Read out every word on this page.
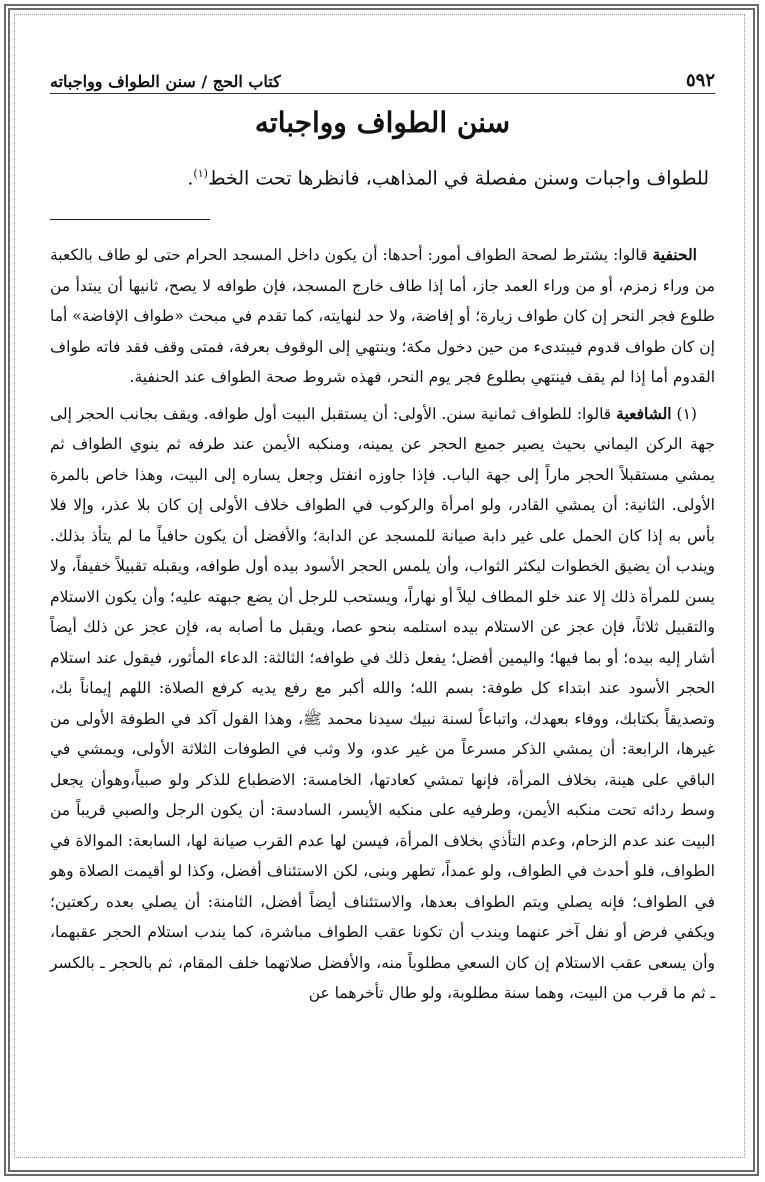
٥٩٢
كتاب الحج / سنن الطواف وواجباته
سنن الطواف وواجباته

للطواف واجبات وسنن مفصلة في المذاهب، فانظرها تحت الخط$^{(١)}$.

الحنفية قالوا: يشترط لصحة الطواف أمور: أحدها: أن يكون داخل المسجد الحرام حتى لو طاف بالكعبة من وراء زمزم، أو من وراء العمد جاز، أما إذا طاف خارج المسجد، فإن طوافه لا يصح، ثانيها أن يبتدأ من طلوع فجر النحر إن كان طواف زيارة؛ أو إفاضة، ولا حد لنهايته، كما تقدم في مبحث «طواف الإفاضة» أما إن كان طواف قدوم فيبتدىء من حين دخول مكة؛ وينتهي إلى الوقوف بعرفة، فمتى وقف فقد فاته طواف القدوم أما إذا لم يقف فينتهي بطلوع فجر يوم النحر، فهذه شروط صحة الطواف عند الحنفية.

(١) الشافعية قالوا: للطواف ثمانية سنن. الأولى: أن يستقبل البيت أول طوافه. ويقف بجانب الحجر إلى جهة الركن اليماني بحيث يصير جميع الحجر عن يمينه، ومنكبه الأيمن عند طرفه ثم ينوي الطواف ثم يمشي مستقبلاً الحجر ماراً إلى جهة الباب. فإذا جاوزه انفتل وجعل يساره إلى البيت، وهذا خاص بالمرة الأولى. الثانية: أن يمشي القادر، ولو امرأة والركوب في الطواف خلاف الأولى إن كان بلا عذر، وإلا فلا بأس به إذا كان الحمل على غير دابة صيانة للمسجد عن الدابة؛ والأفضل أن يكون حافياً ما لم يتأذ بذلك. ويندب أن يضيق الخطوات ليكثر الثواب، وأن يلمس الحجر الأسود بيده أول طوافه، ويقبله تقبيلاً خفيفاً، ولا يسن للمرأة ذلك إلا عند خلو المطاف ليلاً أو نهاراً، ويستحب للرجل أن يضع جبهته عليه؛ وأن يكون الاستلام والتقبيل ثلاثاً، فإن عجز عن الاستلام بيده استلمه بنحو عصا، ويقبل ما أصابه به، فإن عجز عن ذلك أيضاً أشار إليه بيده؛ أو بما فيها؛ واليمين أفضل؛ يفعل ذلك في طوافه؛ الثالثة: الدعاء المأثور، فيقول عند استلام الحجر الأسود عند ابتداء كل طوفة: بسم الله؛ والله أكبر مع رفع يديه كرفع الصلاة: اللهم إيماناً بك، وتصديقاً بكتابك، ووفاء بعهدك، واتباعاً لسنة نبيك سيدنا محمد ﷺ، وهذا القول آكد في الطوفة الأولى من غيرها، الرابعة: أن يمشي الذكر مسرعاً من غير عدو، ولا وثب في الطوفات الثلاثة الأولى، ويمشي في الباقي على هينة، بخلاف المرأة، فإنها تمشي كعادتها، الخامسة: الاضطباع للذكر ولو صبياً،وهوأن يجعل وسط ردائه تحت منكبه الأيمن، وطرفيه على منكبه الأيسر، السادسة: أن يكون الرجل والصبي قريباً من البيت عند عدم الزحام، وعدم التأذي بخلاف المرأة، فيسن لها عدم القرب صيانة لها، السابعة: الموالاة في الطواف، فلو أحدث في الطواف، ولو عمداً، تطهر وبنى، لكن الاستئناف أفضل، وكذا لو أقيمت الصلاة وهو في الطواف؛ فإنه يصلي ويتم الطواف بعدها، والاستئناف أيضاً أفضل، الثامنة: أن يصلي بعده ركعتين؛ ويكفي فرض أو نفل آخر عنهما ويندب أن تكونا عقب الطواف مباشرة، كما يندب استلام الحجر عقبهما، وأن يسعى عقب الاستلام إن كان السعي مطلوباً منه، والأفضل صلاتهما خلف المقام، ثم بالحجر ـ بالكسر ـ ثم ما قرب من البيت، وهما سنة مطلوبة، ولو طال تأخرهما عن
